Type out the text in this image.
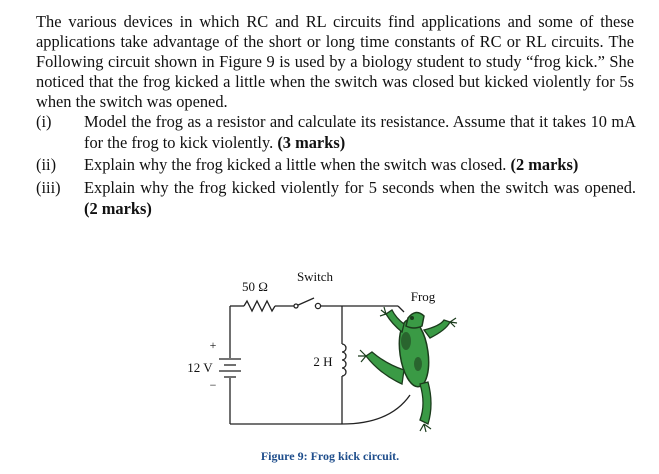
The various devices in which RC and RL circuits find applications and some of these applications take advantage of the short or long time constants of RC or RL circuits. The Following circuit shown in Figure 9 is used by a biology student to study “frog kick.” She noticed that the frog kicked a little when the switch was closed but kicked violently for 5s when the switch was opened.
(i) Model the frog as a resistor and calculate its resistance. Assume that it takes 10 mA for the frog to kick violently. (3 marks)
(ii) Explain why the frog kicked a little when the switch was closed. (2 marks)
(iii) Explain why the frog kicked violently for 5 seconds when the switch was opened. (2 marks)
50 Ω
Switch
Frog
12 V
+
−
2 H
Figure 9: Frog kick circuit.
